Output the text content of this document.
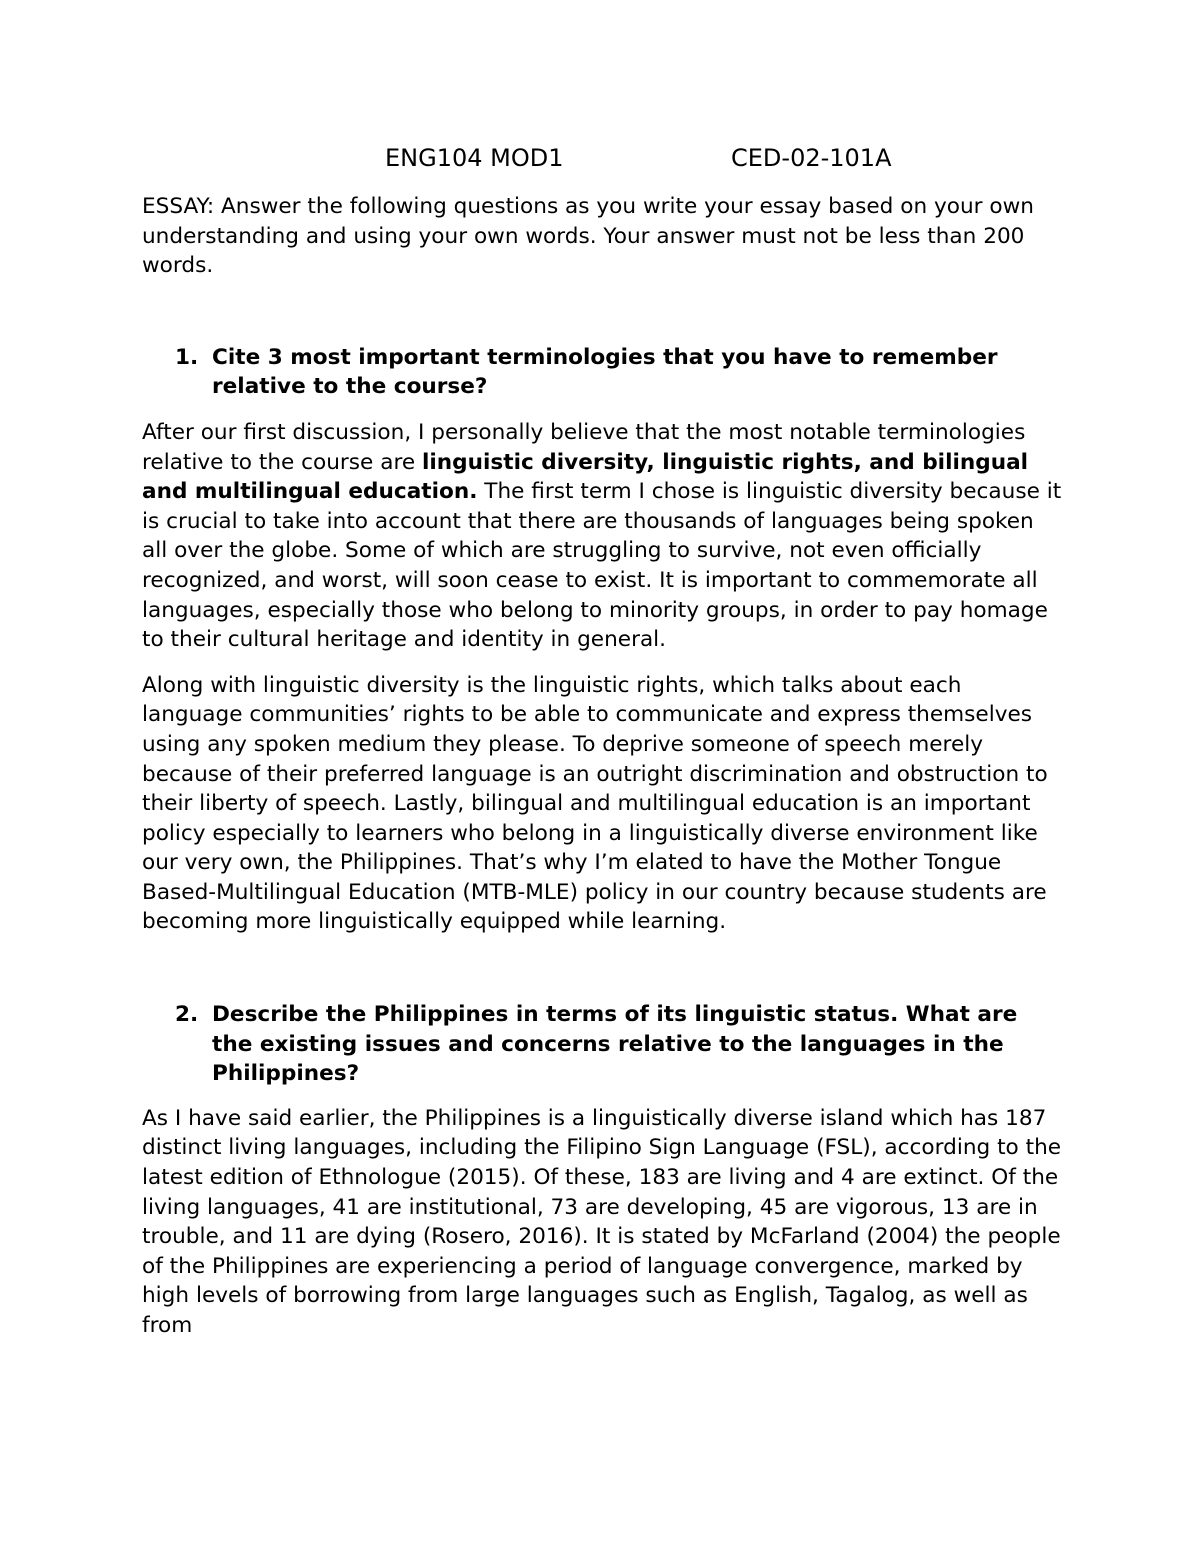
ENG104 MOD1	CED-02-101A

ESSAY: Answer the following questions as you write your essay based on your own understanding and using your own words. Your answer must not be less than 200 words.

1. Cite 3 most important terminologies that you have to remember relative to the course?

After our first discussion, I personally believe that the most notable terminologies relative to the course are linguistic diversity, linguistic rights, and bilingual and multilingual education. The first term I chose is linguistic diversity because it is crucial to take into account that there are thousands of languages being spoken all over the globe. Some of which are struggling to survive, not even officially recognized, and worst, will soon cease to exist. It is important to commemorate all languages, especially those who belong to minority groups, in order to pay homage to their cultural heritage and identity in general.

Along with linguistic diversity is the linguistic rights, which talks about each language communities’ rights to be able to communicate and express themselves using any spoken medium they please. To deprive someone of speech merely because of their preferred language is an outright discrimination and obstruction to their liberty of speech. Lastly, bilingual and multilingual education is an important policy especially to learners who belong in a linguistically diverse environment like our very own, the Philippines. That’s why I’m elated to have the Mother Tongue Based-Multilingual Education (MTB-MLE) policy in our country because students are becoming more linguistically equipped while learning.

2. Describe the Philippines in terms of its linguistic status. What are the existing issues and concerns relative to the languages in the Philippines?

As I have said earlier, the Philippines is a linguistically diverse island which has 187 distinct living languages, including the Filipino Sign Language (FSL), according to the latest edition of Ethnologue (2015). Of these, 183 are living and 4 are extinct. Of the living languages, 41 are institutional, 73 are developing, 45 are vigorous, 13 are in trouble, and 11 are dying (Rosero, 2016). It is stated by McFarland (2004) the people of the Philippines are experiencing a period of language convergence, marked by high levels of borrowing from large languages such as English, Tagalog, as well as from
